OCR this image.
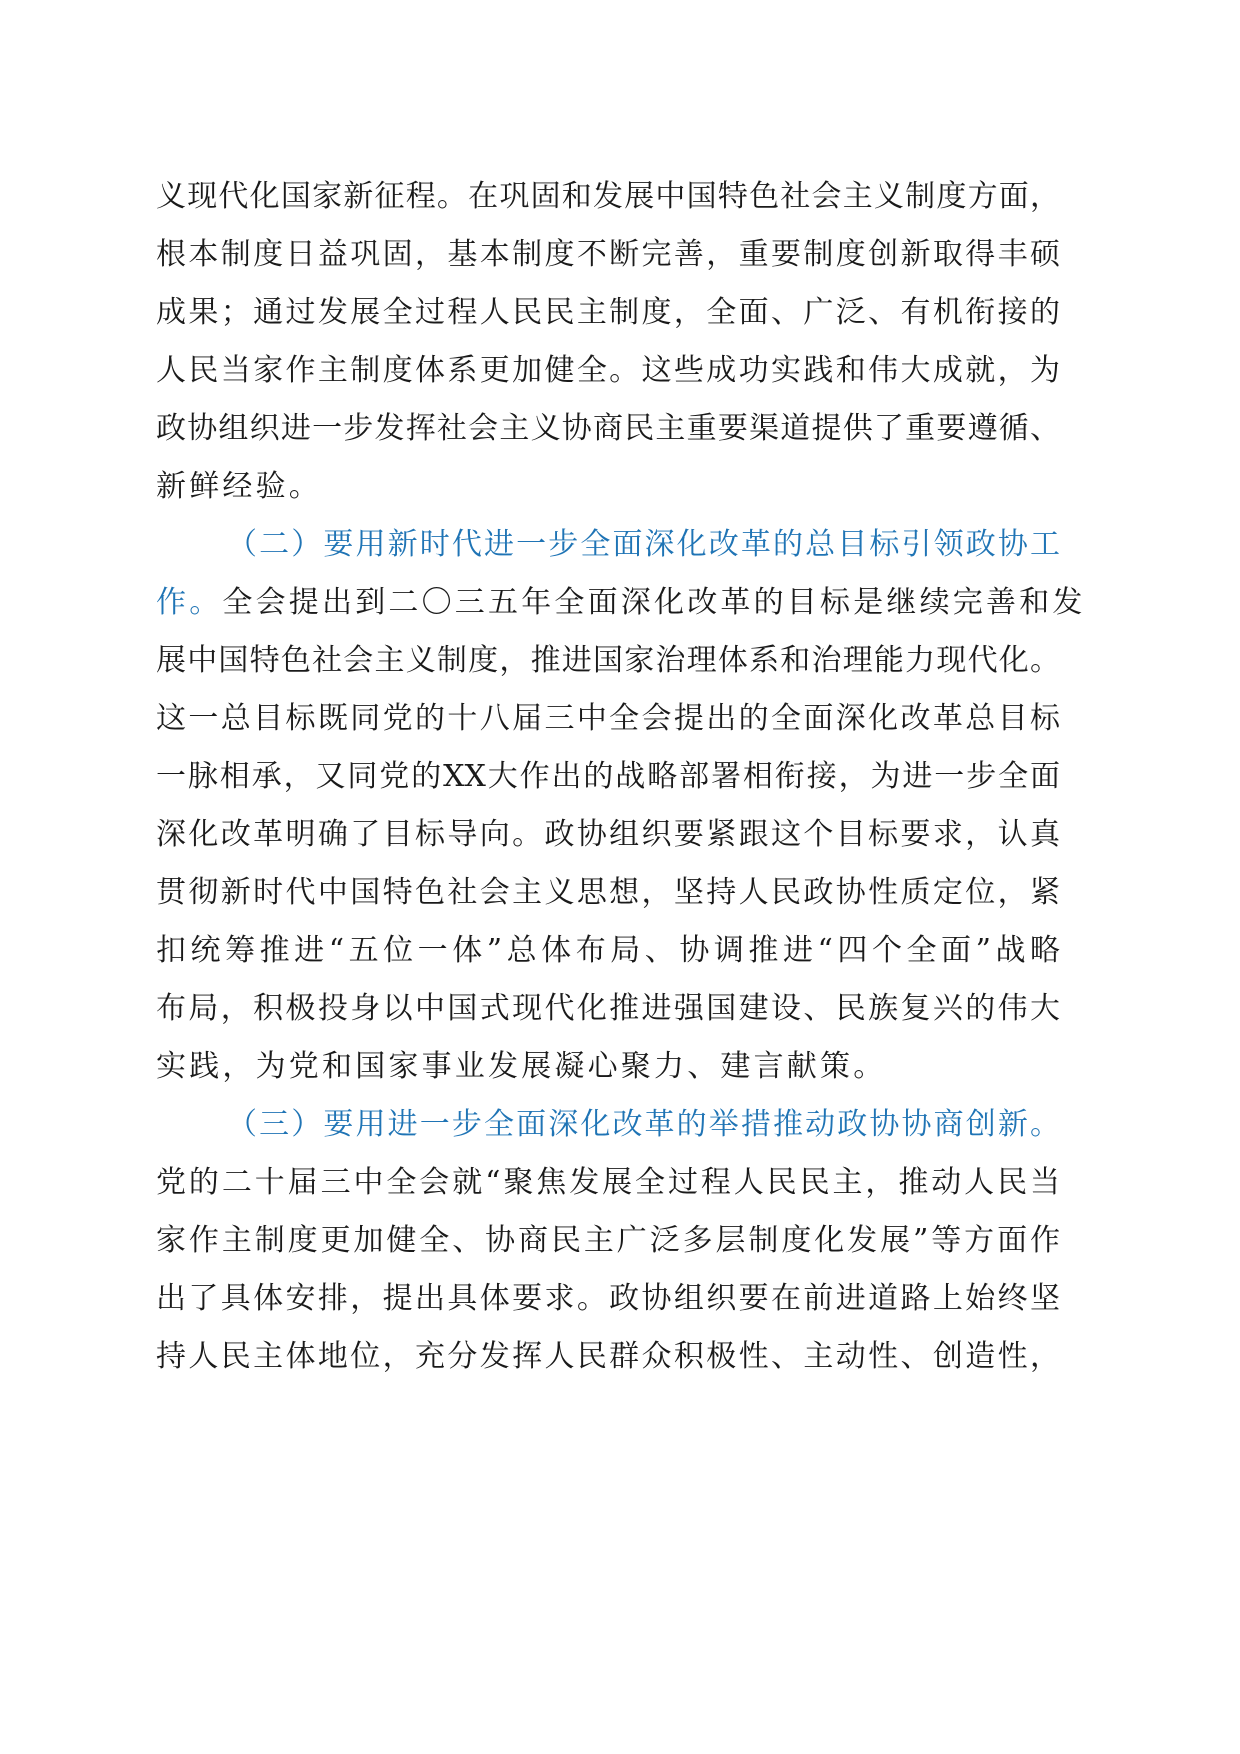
义现代化国家新征程。在巩固和发展中国特色社会主义制度方面，
根本制度日益巩固，基本制度不断完善，重要制度创新取得丰硕
成果；通过发展全过程人民民主制度，全面、广泛、有机衔接的
人民当家作主制度体系更加健全。这些成功实践和伟大成就，为
政协组织进一步发挥社会主义协商民主重要渠道提供了重要遵循、
新鲜经验。
（二）要用新时代进一步全面深化改革的总目标引领政协工
作。全会提出到二〇三五年全面深化改革的目标是继续完善和发
展中国特色社会主义制度，推进国家治理体系和治理能力现代化。
这一总目标既同党的十八届三中全会提出的全面深化改革总目标
一脉相承，又同党的XX大作出的战略部署相衔接，为进一步全面
深化改革明确了目标导向。政协组织要紧跟这个目标要求，认真
贯彻新时代中国特色社会主义思想，坚持人民政协性质定位，紧
扣统筹推进“五位一体”总体布局、协调推进“四个全面”战略
布局，积极投身以中国式现代化推进强国建设、民族复兴的伟大
实践，为党和国家事业发展凝心聚力、建言献策。
（三）要用进一步全面深化改革的举措推动政协协商创新。
党的二十届三中全会就“聚焦发展全过程人民民主，推动人民当
家作主制度更加健全、协商民主广泛多层制度化发展”等方面作
出了具体安排，提出具体要求。政协组织要在前进道路上始终坚
持人民主体地位，充分发挥人民群众积极性、主动性、创造性，
